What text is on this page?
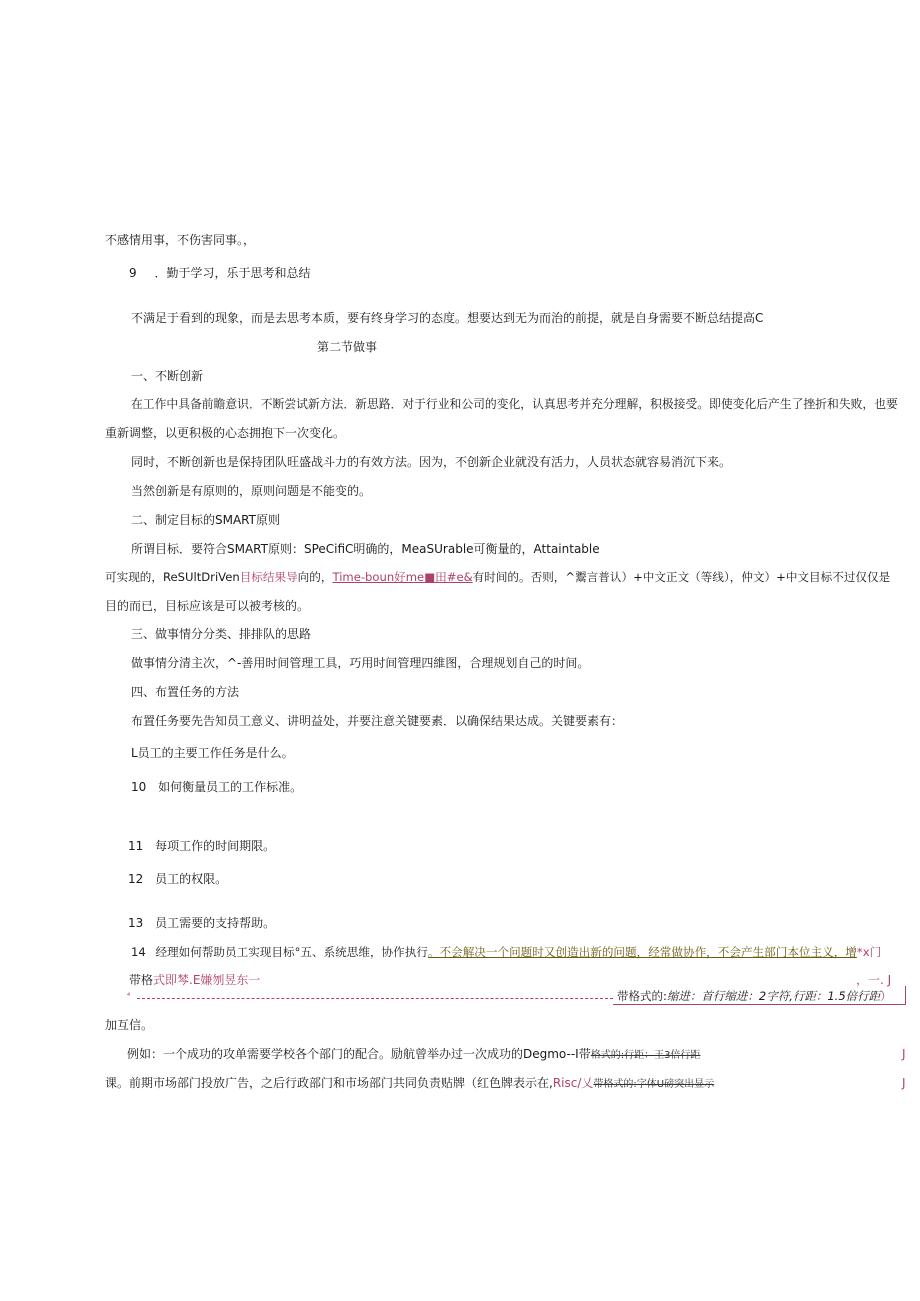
不感情用事，不伤害同事。，
9 ．勤于学习，乐于思考和总结
不满足于看到的现象，而是去思考本质，要有终身学习的态度。想要达到无为而治的前提，就是自身需要不断总结提高C
第二节做事
一、不断创新
在工作中具备前瞻意识．不断尝试新方法．新思路．对于行业和公司的变化，认真思考并充分理解，积极接受。即使变化后产生了挫折和失败，也要
重新调整，以更积极的心态拥抱下一次变化。
同时，不断创新也是保持团队旺盛战斗力的有效方法。因为，不创新企业就没有活力，人员状态就容易消沉下来。
当然创新是有原则的，原则问题是不能变的。
二、制定目标的SMART原则
所谓目标．要符合SMART原则：SPeCifiC明确的，MeaSUrable可衡量的，Attaintable
可实现的，ReSUltDriVen目标结果导向的，Time-boun好me■田#e&有时间的。否则，^鬻言普认）+中文正文（等线），仲文）+中文目标不过仅仅是
目的而已，目标应该是可以被考核的。
三、做事情分分类、排排队的思路
做事情分清主次，^-善用时间管理工具，巧用时间管理四維图，合理规划自己的时间。
四、布置任务的方法
布置任务要先告知员工意义、讲明益处，并要注意关键要素．以确保结果达成。关键要素有：
L员工的主要工作任务是什么。
10 如何衡量员工的工作标准。
11 每项工作的时间期限。
12 员工的权限。
13 员工需要的支持帮助。
14 经理如何帮助员工实现目标°五、系统思维，协作执行。不会解决一个问题时又创造出新的问题，经常做协作，不会产生部门本位主义，增*x门
带格式即棽.E嫌刎昱东一	，一. J
⁴	带格式的:缩进：首行缩进：2字符,行距：1.5倍行距）
加互信。
例如：一个成功的攻单需要学校各个部门的配合。励航曾举办过一次成功的Degmo--I带格式的:行距：王3倍行距	J
课。前期市场部门投放广告，之后行政部门和市场部门共同负责贴牌（红色牌表示在,Risc/乂带格式的:字体U磅突出显示	J
